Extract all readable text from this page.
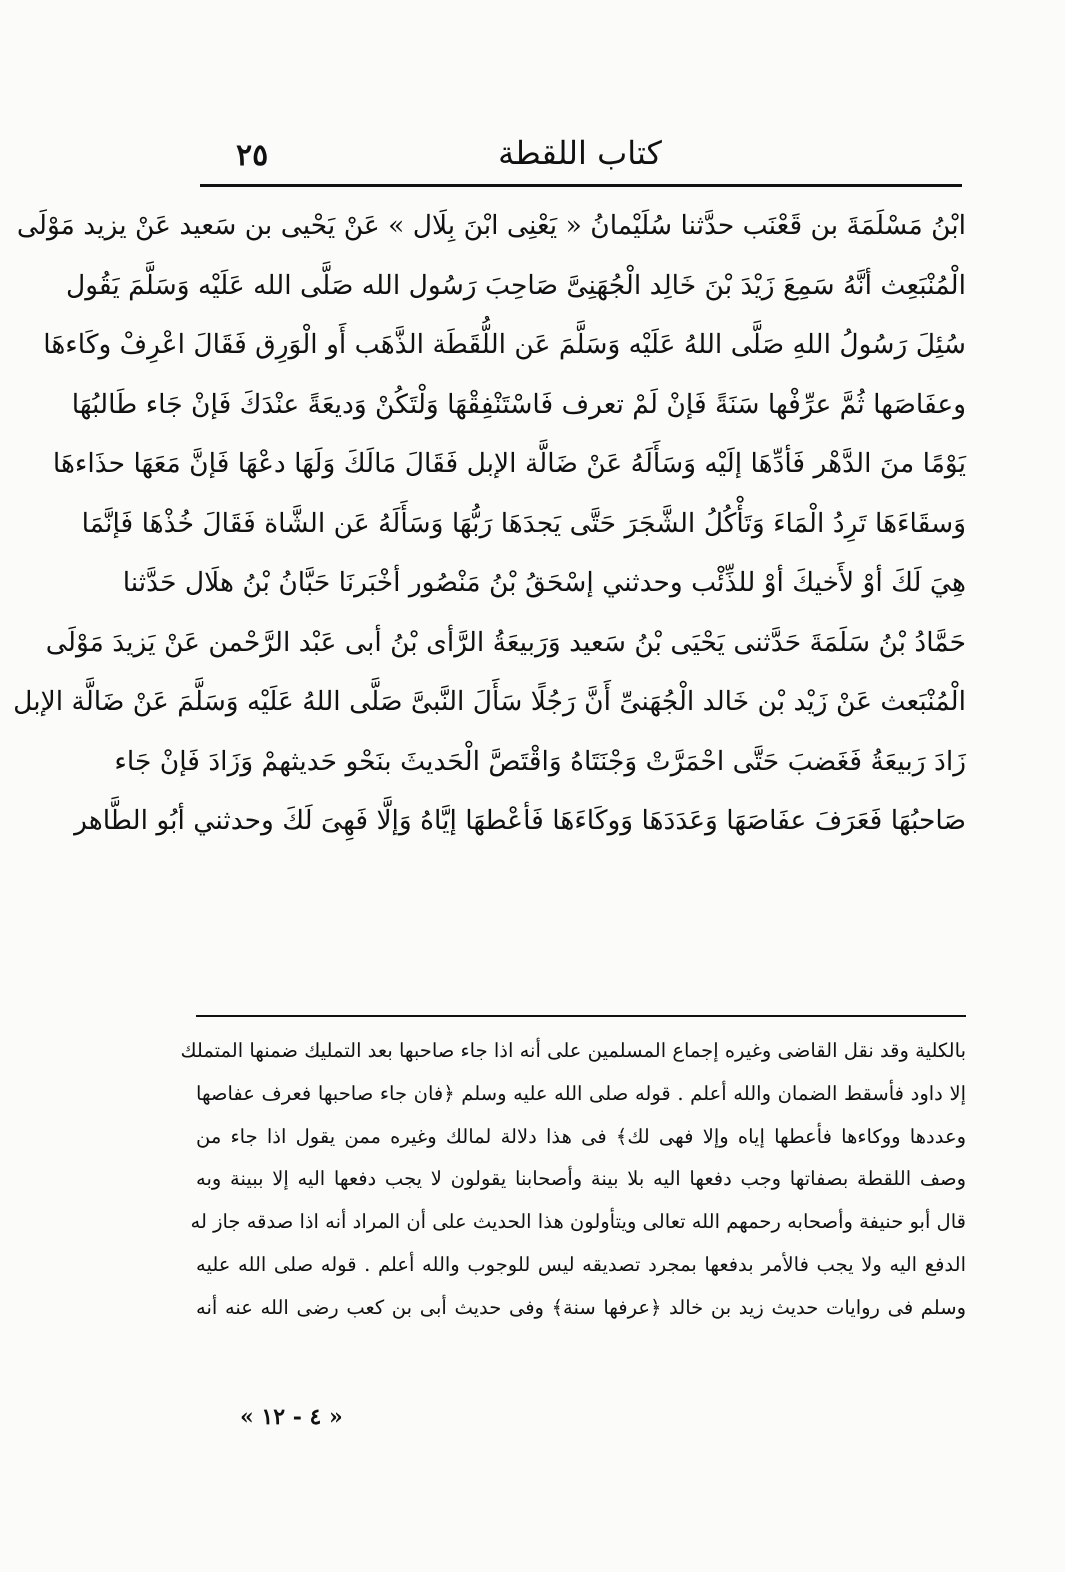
٢٥	كتاب اللقطة
ابْنُ مَسْلَمَةَ بن قَعْنَب حدَّثنا سُلَيْمانُ « يَعْنِى ابْنَ بِلَال » عَنْ يَحْيى بن سَعيد عَنْ يزيد مَوْلَى
الْمُنْبَعِث أنَّهُ سَمِعَ زَيْدَ بْنَ خَالِد الْجُهَنِىَّ صَاحِبَ رَسُول الله صَلَّى الله عَلَيْه وَسَلَّمَ يَقُول
سُئِلَ رَسُولُ اللهِ صَلَّى اللهُ عَلَيْه وَسَلَّمَ عَن اللُّقَطَة الذَّهَب أَو الْوَرِق فَقَالَ اعْرِفْ وكَاءهَا
وعفَاصَها ثُمَّ عرِّفْها سَنَةً فَإنْ لَمْ تعرف فَاسْتَنْفِقْهَا وَلْتَكُنْ وَديعَةً عنْدَكَ فَإنْ جَاء طَالبُهَا
يَوْمًا منَ الدَّهْر فَأدِّهَا إلَيْه وَسَأَلَهُ عَنْ ضَالَّة الإبل فَقَالَ مَالَكَ وَلَهَا دعْهَا فَإنَّ مَعَهَا حذَاءهَا
وَسقَاءَهَا تَرِدُ الْمَاءَ وَتَأْكُلُ الشَّجَرَ حَتَّى يَجدَهَا رَبُّهَا وَسَأَلَهُ عَن الشَّاة فَقَالَ خُذْهَا فَإنَّمَا
هِيَ لَكَ أوْ لأَخيكَ أوْ للذِّئْب وحدثني إسْحَقُ بْنُ مَنْصُور أخْبَرنَا حَبَّانُ بْنُ هلَال حَدَّثنا
حَمَّادُ بْنُ سَلَمَةَ حَدَّثنى يَحْيَى بْنُ سَعيد وَرَبيعَةُ الرَّأى بْنُ أبى عَبْد الرَّحْمن عَنْ يَزيدَ مَوْلَى
الْمُنْبَعث عَنْ زَيْد بْن خَالد الْجُهَنىِّ أَنَّ رَجُلًا سَأَلَ النَّبىَّ صَلَّى اللهُ عَلَيْه وَسَلَّمَ عَنْ ضَالَّة الإبل
زَادَ رَبيعَةُ فَغَضبَ حَتَّى احْمَرَّتْ وَجْنَتَاهُ وَاقْتَصَّ الْحَديثَ بنَحْو حَديثهمْ وَزَادَ فَإنْ جَاء
صَاحبُهَا فَعَرَفَ عفَاصَهَا وَعَدَدَهَا وَوكَاءَهَا فَأعْطهَا إيَّاهُ وَإلَّا فَهِىَ لَكَ وحدثني أبُو الطَّاهر
بالكلية وقد نقل القاضى وغيره إجماع المسلمين على أنه اذا جاء صاحبها بعد التمليك ضمنها المتملك
إلا داود فأسقط الضمان والله أعلم . قوله صلى الله عليه وسلم ﴿فان جاء صاحبها فعرف عفاصها
وعددها ووكاءها فأعطها إياه وإلا فهى لك﴾ فى هذا دلالة لمالك وغيره ممن يقول اذا جاء من
وصف اللقطة بصفاتها وجب دفعها اليه بلا بينة وأصحابنا يقولون لا يجب دفعها اليه إلا ببينة وبه
قال أبو حنيفة وأصحابه رحمهم الله تعالى ويتأولون هذا الحديث على أن المراد أنه اذا صدقه جاز له
الدفع اليه ولا يجب فالأمر بدفعها بمجرد تصديقه ليس للوجوب والله أعلم . قوله صلى الله عليه
وسلم فى روايات حديث زيد بن خالد ﴿عرفها سنة﴾ وفى حديث أبى بن كعب رضى الله عنه أنه
« ٤ - ١٢ »
